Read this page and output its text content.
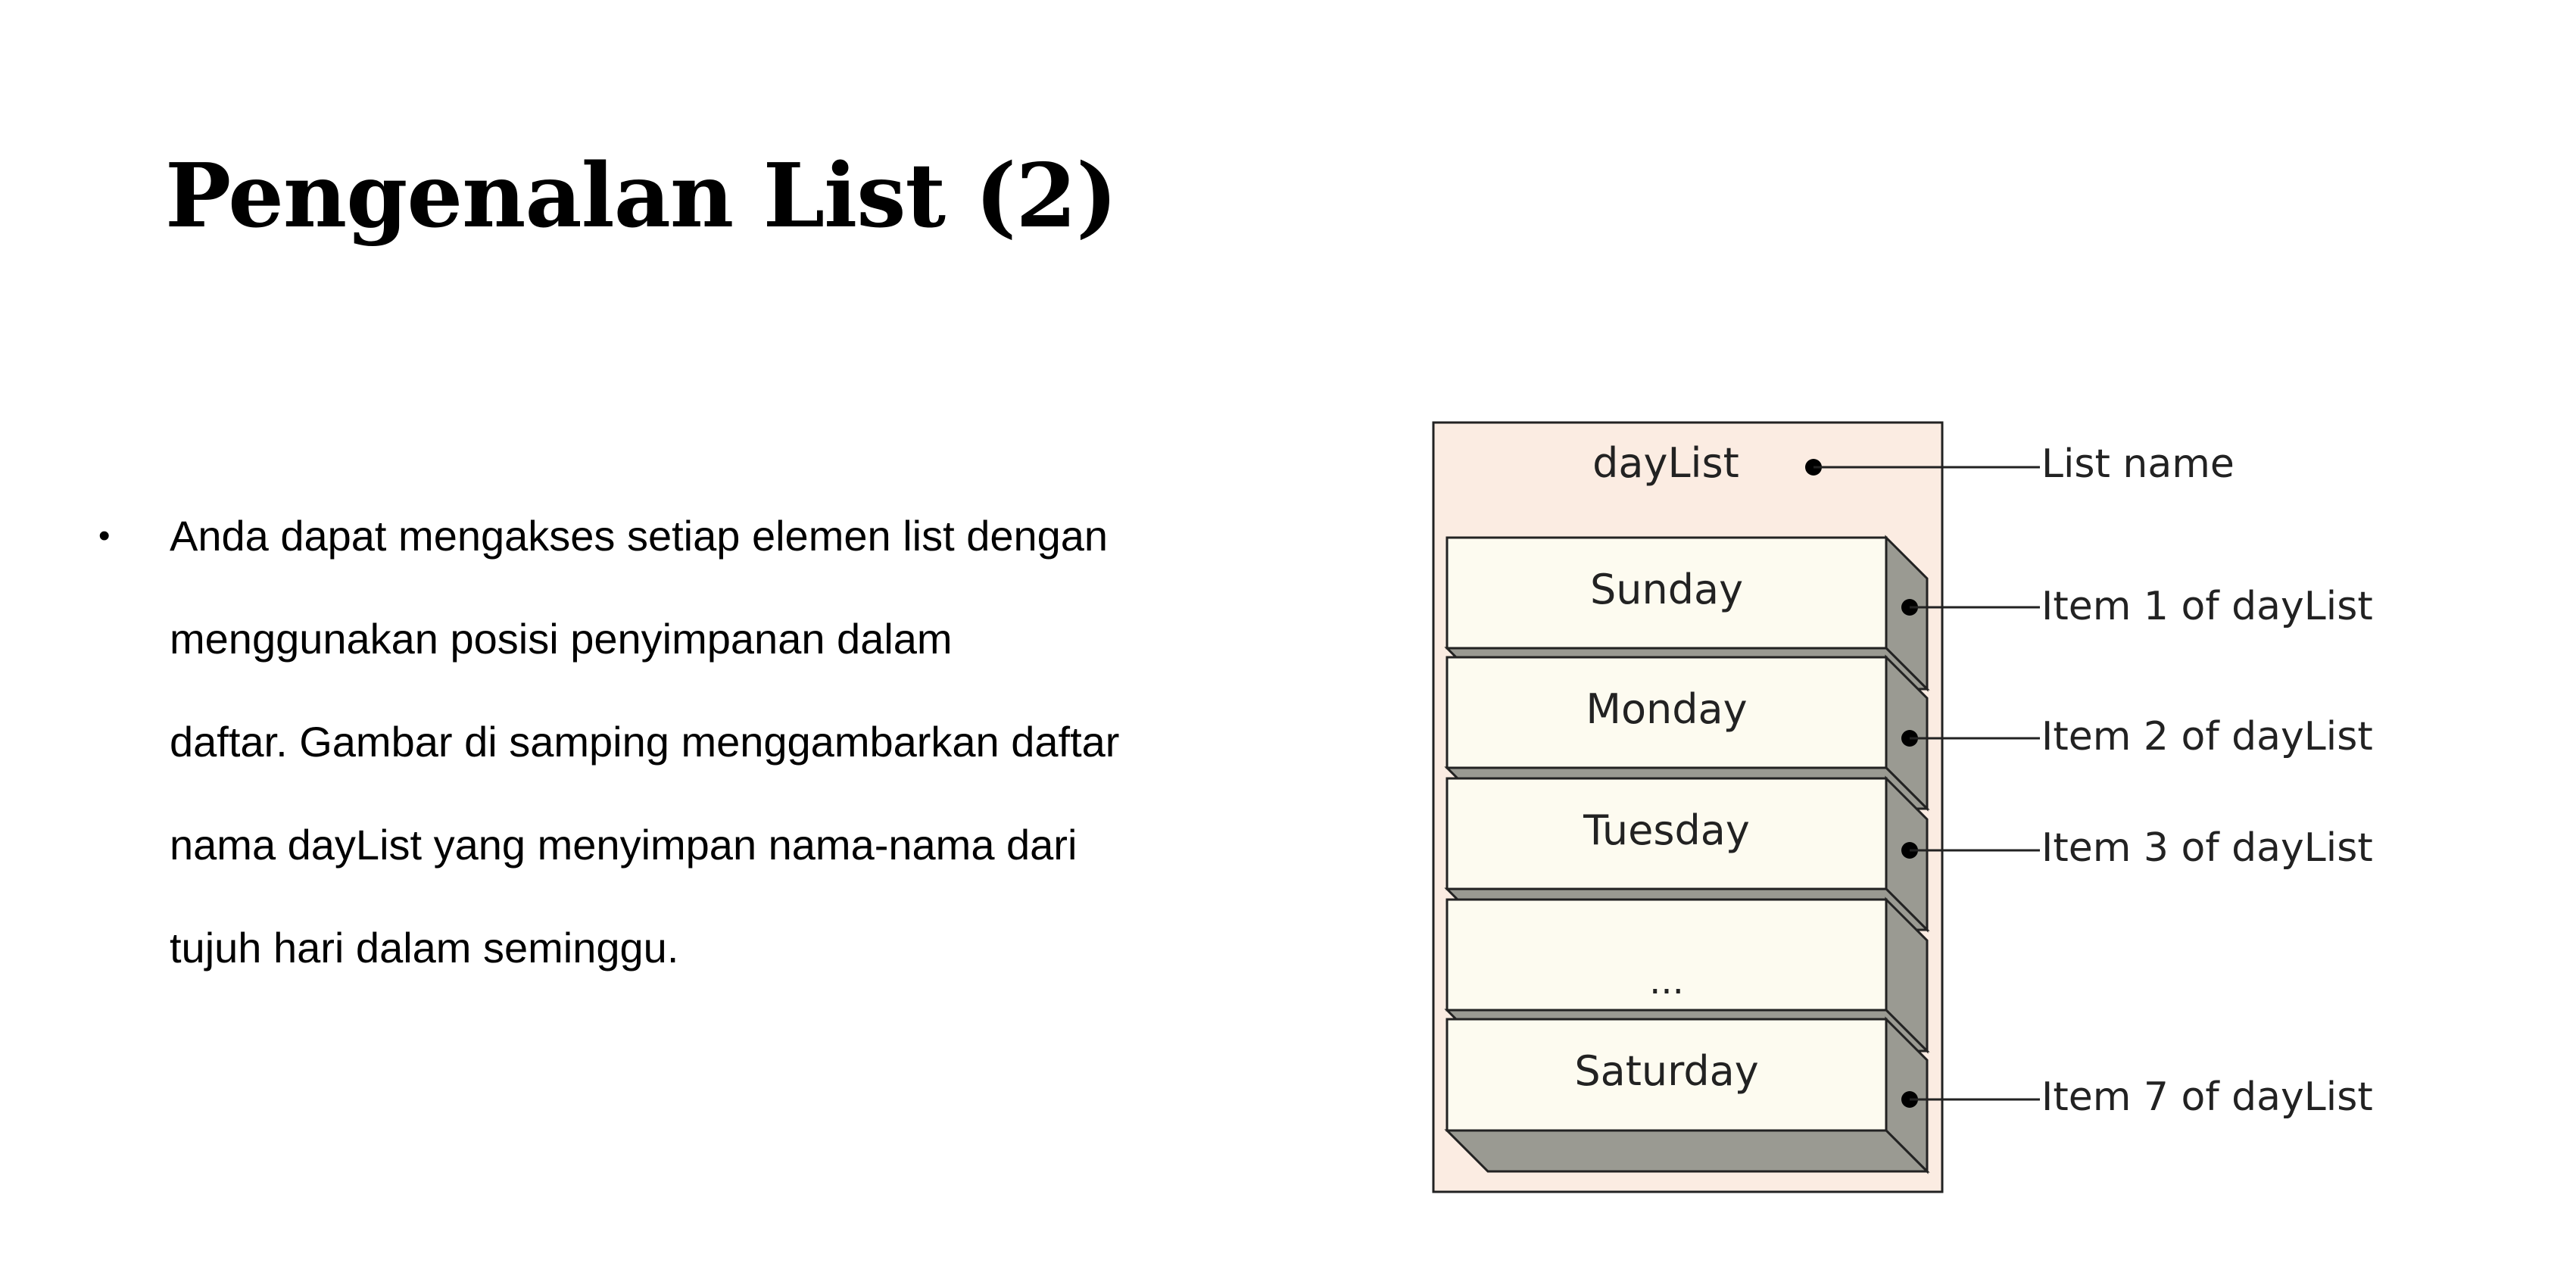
Pengenalan List (2)
• Anda dapat mengakses setiap elemen list dengan
menggunakan posisi penyimpanan dalam
daftar. Gambar di samping menggambarkan daftar
nama dayList yang menyimpan nama-nama dari
tujuh hari dalam seminggu.
dayList
Sunday
Monday
Tuesday
...
Saturday
List name
Item 1 of dayList
Item 2 of dayList
Item 3 of dayList
Item 7 of dayList
